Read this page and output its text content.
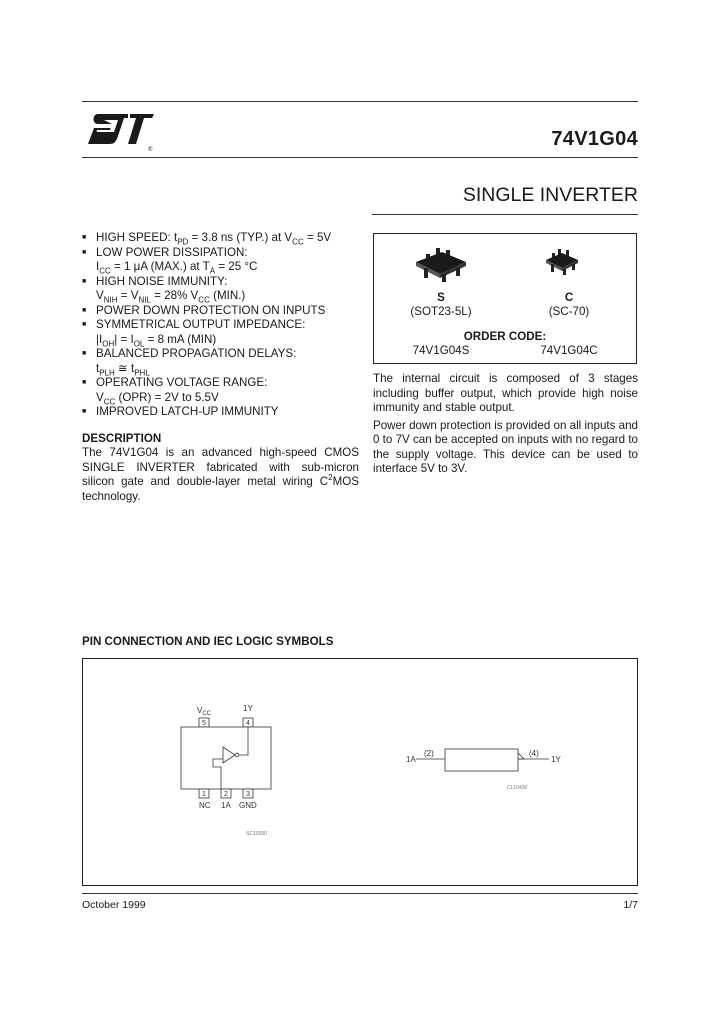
®	74V1G04
SINGLE INVERTER
■ HIGH SPEED: $t_{PD} = 3.8$ ns (TYP.) at $V_{CC} = 5V$
■ LOW POWER DISSIPATION:
$I_{CC} = 1$ μA (MAX.) at $T_A = 25$ °C
■ HIGH NOISE IMMUNITY:
$V_{NIH} = V_{NIL} = 28\%$ $V_{CC}$ (MIN.)
■ POWER DOWN PROTECTION ON INPUTS
■ SYMMETRICAL OUTPUT IMPEDANCE:
$|I_{OH}| = I_{OL} = 8$ mA (MIN)
■ BALANCED PROPAGATION DELAYS:
$t_{PLH}$ ≅ $t_{PHL}$
■ OPERATING VOLTAGE RANGE:
$V_{CC}$ (OPR) = 2V to 5.5V
■ IMPROVED LATCH-UP IMMUNITY
DESCRIPTION
The 74V1G04 is an advanced high-speed CMOS SINGLE INVERTER fabricated with sub-micron silicon gate and double-layer metal wiring $C^2MOS$ technology.
S
(SOT23-5L)
C
(SC-70)
ORDER CODE:
74V1G04S	74V1G04C

The internal circuit is composed of 3 stages including buffer output, which provide high noise immunity and stable output.

Power down protection is provided on all inputs and 0 to 7V can be accepted on inputs with no regard to the supply voltage. This device can be used to interface 5V to 3V.

PIN CONNECTION AND IEC LOGIC SYMBOLS
$V_{CC}$
1Y
5	4
1	2	3
NC 1A GND
SC10390
1A
(2)	(4)
1Y
CL10430
October 1999	1/7
